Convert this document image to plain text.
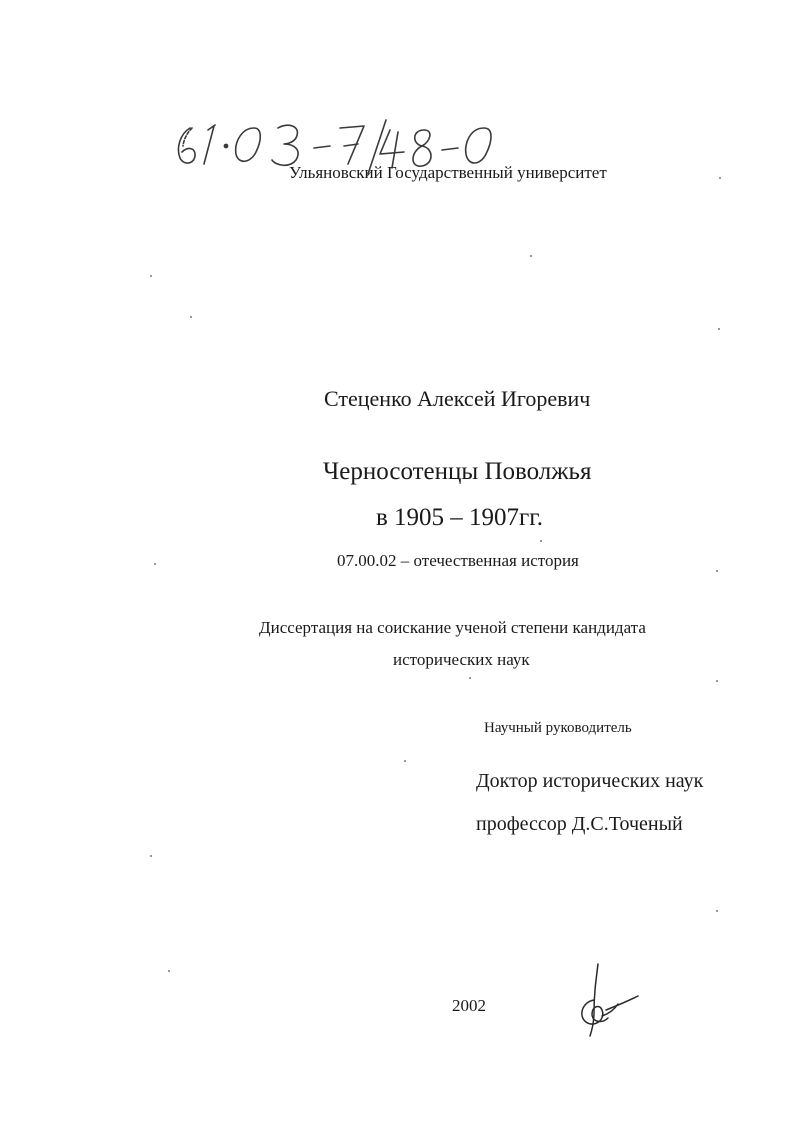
Ульяновский Государственный университет
Стеценко Алексей Игоревич
Черносотенцы Поволжья
в 1905 – 1907гг.
07.00.02 – отечественная история
Диссертация на соискание ученой степени кандидата
исторических наук
Научный руководитель
Доктор исторических наук
профессор Д.С.Точеный
2002
